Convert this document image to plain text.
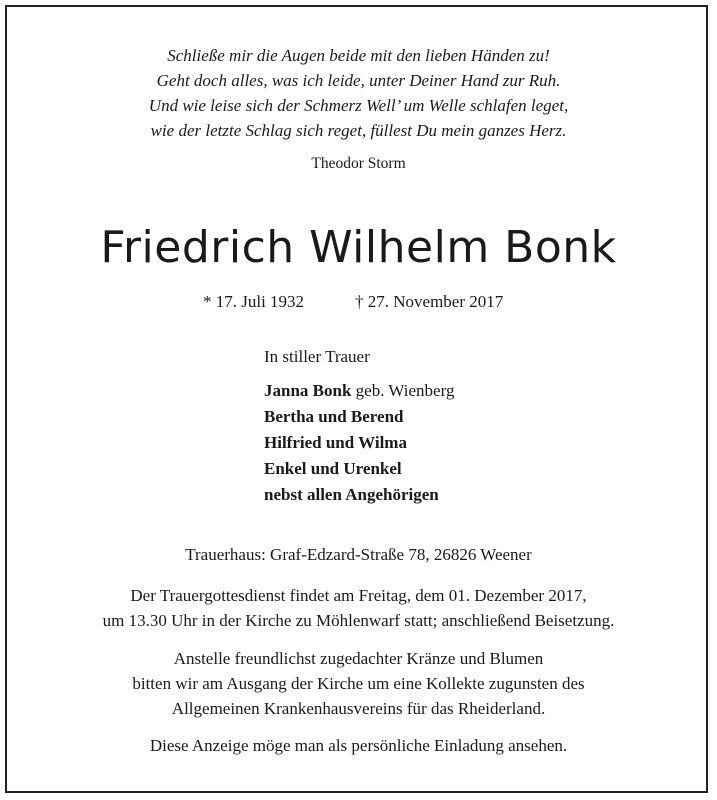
Schließe mir die Augen beide mit den lieben Händen zu!
Geht doch alles, was ich leide, unter Deiner Hand zur Ruh.
Und wie leise sich der Schmerz Well’ um Welle schlafen leget,
wie der letzte Schlag sich reget, füllest Du mein ganzes Herz.
Theodor Storm
Friedrich Wilhelm Bonk
* 17. Juli 1932	† 27. November 2017
In stiller Trauer
Janna Bonk geb. Wienberg
Bertha und Berend
Hilfried und Wilma
Enkel und Urenkel
nebst allen Angehörigen
Trauerhaus: Graf-Edzard-Straße 78, 26826 Weener
Der Trauergottesdienst findet am Freitag, dem 01. Dezember 2017,
um 13.30 Uhr in der Kirche zu Möhlenwarf statt; anschließend Beisetzung.
Anstelle freundlichst zugedachter Kränze und Blumen
bitten wir am Ausgang der Kirche um eine Kollekte zugunsten des
Allgemeinen Krankenhausvereins für das Rheiderland.
Diese Anzeige möge man als persönliche Einladung ansehen.
